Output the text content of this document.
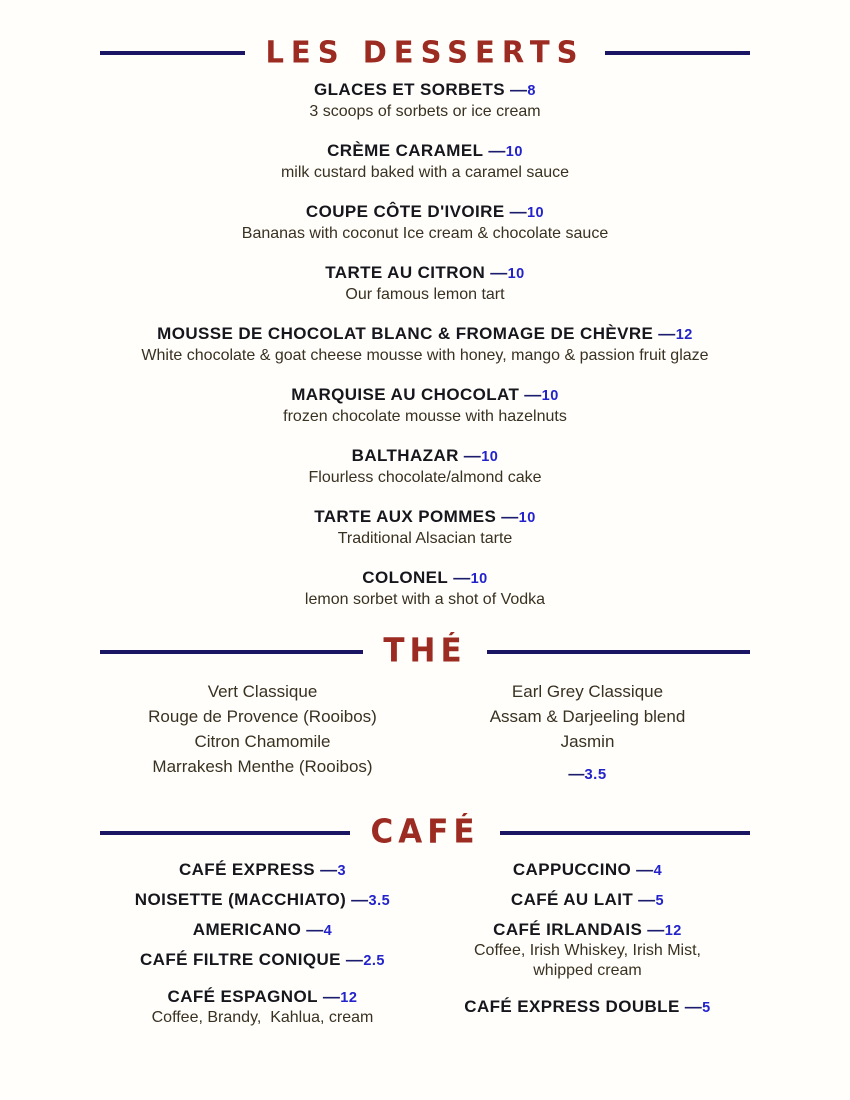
LES DESSERTS
GLACES ET SORBETS —8
3 scoops of sorbets or ice cream
CRÈME CARAMEL —10
milk custard baked with a caramel sauce
COUPE CÔTE D'IVOIRE —10
Bananas with coconut Ice cream & chocolate sauce
TARTE AU CITRON —10
Our famous lemon tart
MOUSSE DE CHOCOLAT BLANC & FROMAGE DE CHÈVRE —12
White chocolate & goat cheese mousse with honey, mango & passion fruit glaze
MARQUISE AU CHOCOLAT —10
frozen chocolate mousse with hazelnuts
BALTHAZAR —10
Flourless chocolate/almond cake
TARTE AUX POMMES —10
Traditional Alsacian tarte
COLONEL —10
lemon sorbet with a shot of Vodka
THÉ
Vert Classique
Rouge de Provence (Rooibos)
Citron Chamomile
Marrakesh Menthe (Rooibos)
Earl Grey Classique
Assam & Darjeeling blend
Jasmin
—3.5
CAFÉ
CAFÉ EXPRESS —3
NOISETTE (MACCHIATO) —3.5
AMERICANO —4
CAFÉ FILTRE CONIQUE —2.5
CAFÉ ESPAGNOL —12
Coffee, Brandy,  Kahlua, cream
CAPPUCCINO —4
CAFÉ AU LAIT —5
CAFÉ IRLANDAIS —12
Coffee, Irish Whiskey, Irish Mist, whipped cream
CAFÉ EXPRESS DOUBLE —5
